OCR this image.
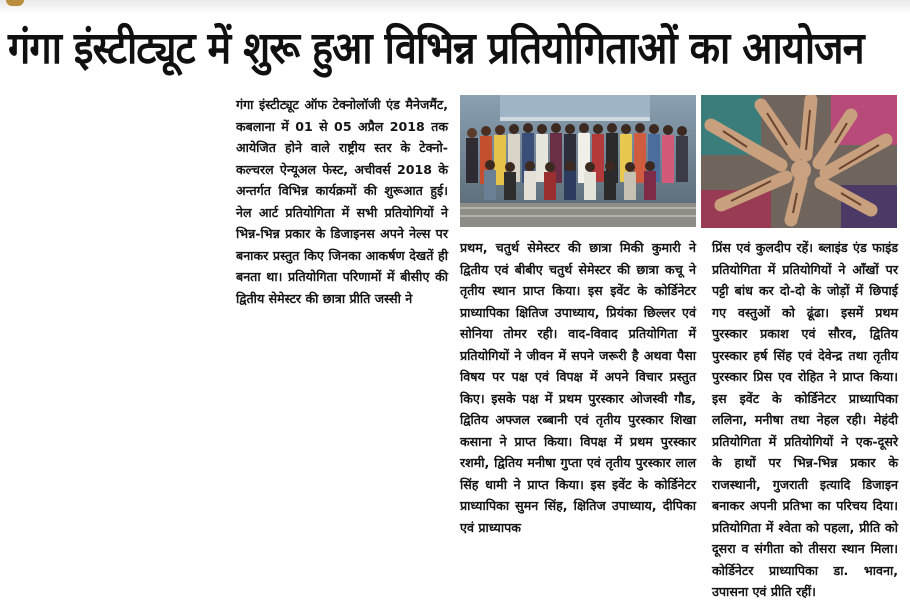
गंगा इंस्टीट्यूट में शुरू हुआ विभिन्न प्रतियोगिताओं का आयोजन

गंगा इंस्टीट्यूट ऑफ टेक्नोलॉजी एंड मैनेजमैंट, कबलाना में 01 से 05 अप्रैल 2018 तक आयेजित होने वाले राष्ट्रीय स्तर के टेक्नो-कल्चरल ऐन्यूअल फेस्ट, अचीवर्स 2018 के अन्तर्गत विभिन्न कार्यक्रमों की शुरूआत हुई। नेल आर्ट प्रतियोगिता में सभी प्रतियोगियों ने भिन्न-भिन्न प्रकार के डिजाइनस अपने नेल्स पर बनाकर प्रस्तुत किए जिनका आकर्षण देखतें ही बनता था। प्रतियोगिता परिणामों में बीसीए की द्वितीय सेमेस्टर की छात्रा प्रीति जस्सी ने

प्रथम, चतुर्थ सेमेस्टर की छात्रा मिकी कुमारी ने द्वितीय एवं बीबीए चतुर्थ सेमेस्टर की छात्रा कचू ने तृतीय स्थान प्राप्त किया। इस इवेंट के कोर्डिनेटर प्राध्यापिका क्षितिज उपाध्याय, प्रियंका छिल्लर एवं सोनिया तोमर रही। वाद-विवाद प्रतियोगिता में प्रतियोगियों ने जीवन में सपने जरूरी है अथवा पैसा विषय पर पक्ष एवं विपक्ष में अपने विचार प्रस्तुत किए। इसके पक्ष में प्रथम पुरस्कार ओजस्वी गौड, द्वितिय अफ्जल रब्बानी एवं तृतीय पुरस्कार शिखा कसाना ने प्राप्त किया। विपक्ष में प्रथम पुरस्कार रशमी, द्वितिय मनीषा गुप्ता एवं तृतीय पुरस्कार लाल सिंह धामी ने प्राप्त किया। इस इवेंट के कोर्डिनेटर प्राध्यापिका सुमन सिंह, क्षितिज उपाध्याय, दीपिका एवं प्राध्यापक

प्रिंस एवं कुलदीप रहें। ब्लाइंड एंड फाइंड प्रतियोगिता में प्रतियोगियों ने आँखों पर पट्टी बांध कर दो-दो के जोड़ों में छिपाई गए वस्तुओं को ढूंढा। इसमें प्रथम पुरस्कार प्रकाश एवं सौरव, द्वितिय पुरस्कार हर्ष सिंह एवं देवेन्द्र तथा तृतीय पुरस्कार प्रिस एव रोहित ने प्राप्त किया। इस इवेंट के कोर्डिनेटर प्राध्यापिका ललिना, मनीषा तथा नेहल रही। मेहंदी प्रतियोगिता में प्रतियोगियों ने एक-दूसरे के हाथों पर भिन्न-भिन्न प्रकार के राजस्थानी, गुजराती इत्यादि डिजाइन बनाकर अपनी प्रतिभा का परिचय दिया। प्रतियोगिता में श्वेता को पहला, प्रीति को दूसरा व संगीता को तीसरा स्थान मिला। कोर्डिनेटर प्राध्यापिका डा. भावना, उपासना एवं प्रीति रहीं।
